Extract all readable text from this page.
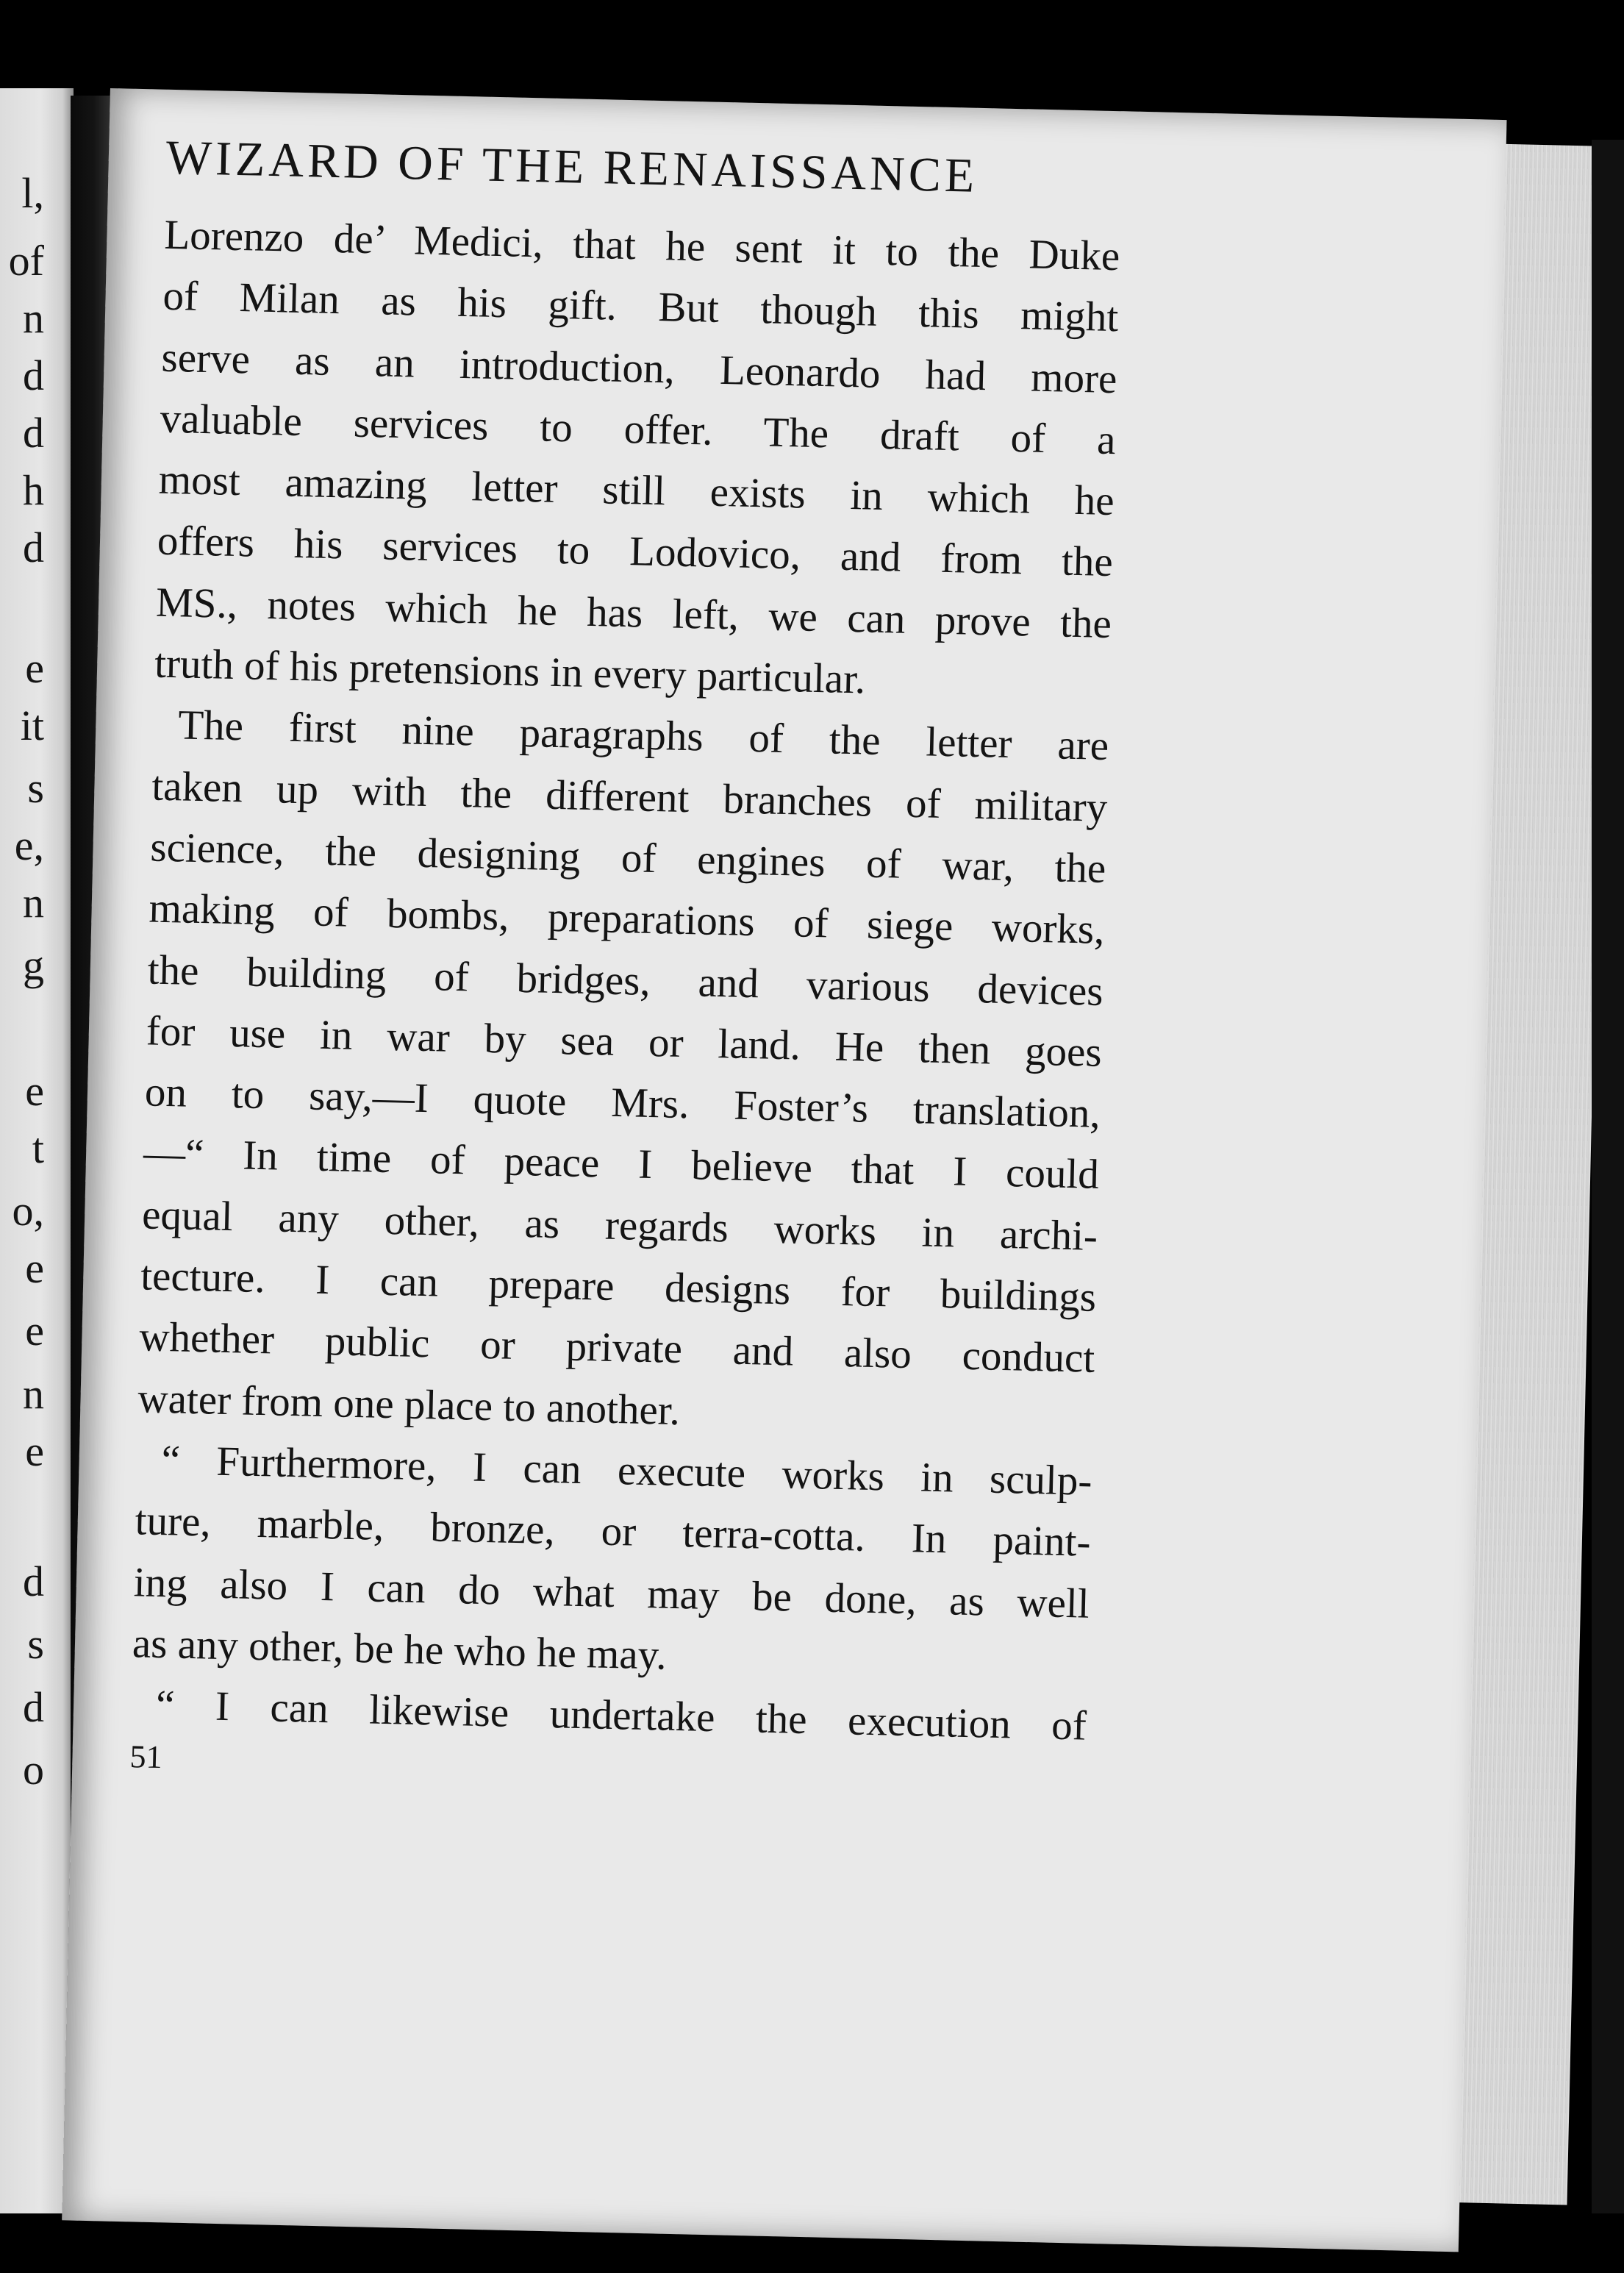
l,
of
n
d
d
h
d
e
it
s
e,
n
g
e
t
o,
e
e
n
e
d
s
d
o
WIZARD OF THE RENAISSANCE
Lorenzo de’ Medici, that he sent it to the Duke
of Milan as his gift. But though this might
serve as an introduction, Leonardo had more
valuable services to offer. The draft of a
most amazing letter still exists in which he
offers his services to Lodovico, and from the
MS., notes which he has left, we can prove the
truth of his pretensions in every particular.
The first nine paragraphs of the letter are
taken up with the different branches of military
science, the designing of engines of war, the
making of bombs, preparations of siege works,
the building of bridges, and various devices
for use in war by sea or land. He then goes
on to say,—I quote Mrs. Foster’s translation,
—“ In time of peace I believe that I could
equal any other, as regards works in archi-
tecture. I can prepare designs for buildings
whether public or private and also conduct
water from one place to another.
“ Furthermore, I can execute works in sculp-
ture, marble, bronze, or terra-cotta. In paint-
ing also I can do what may be done, as well
as any other, be he who he may.
“ I can likewise undertake the execution of
51
